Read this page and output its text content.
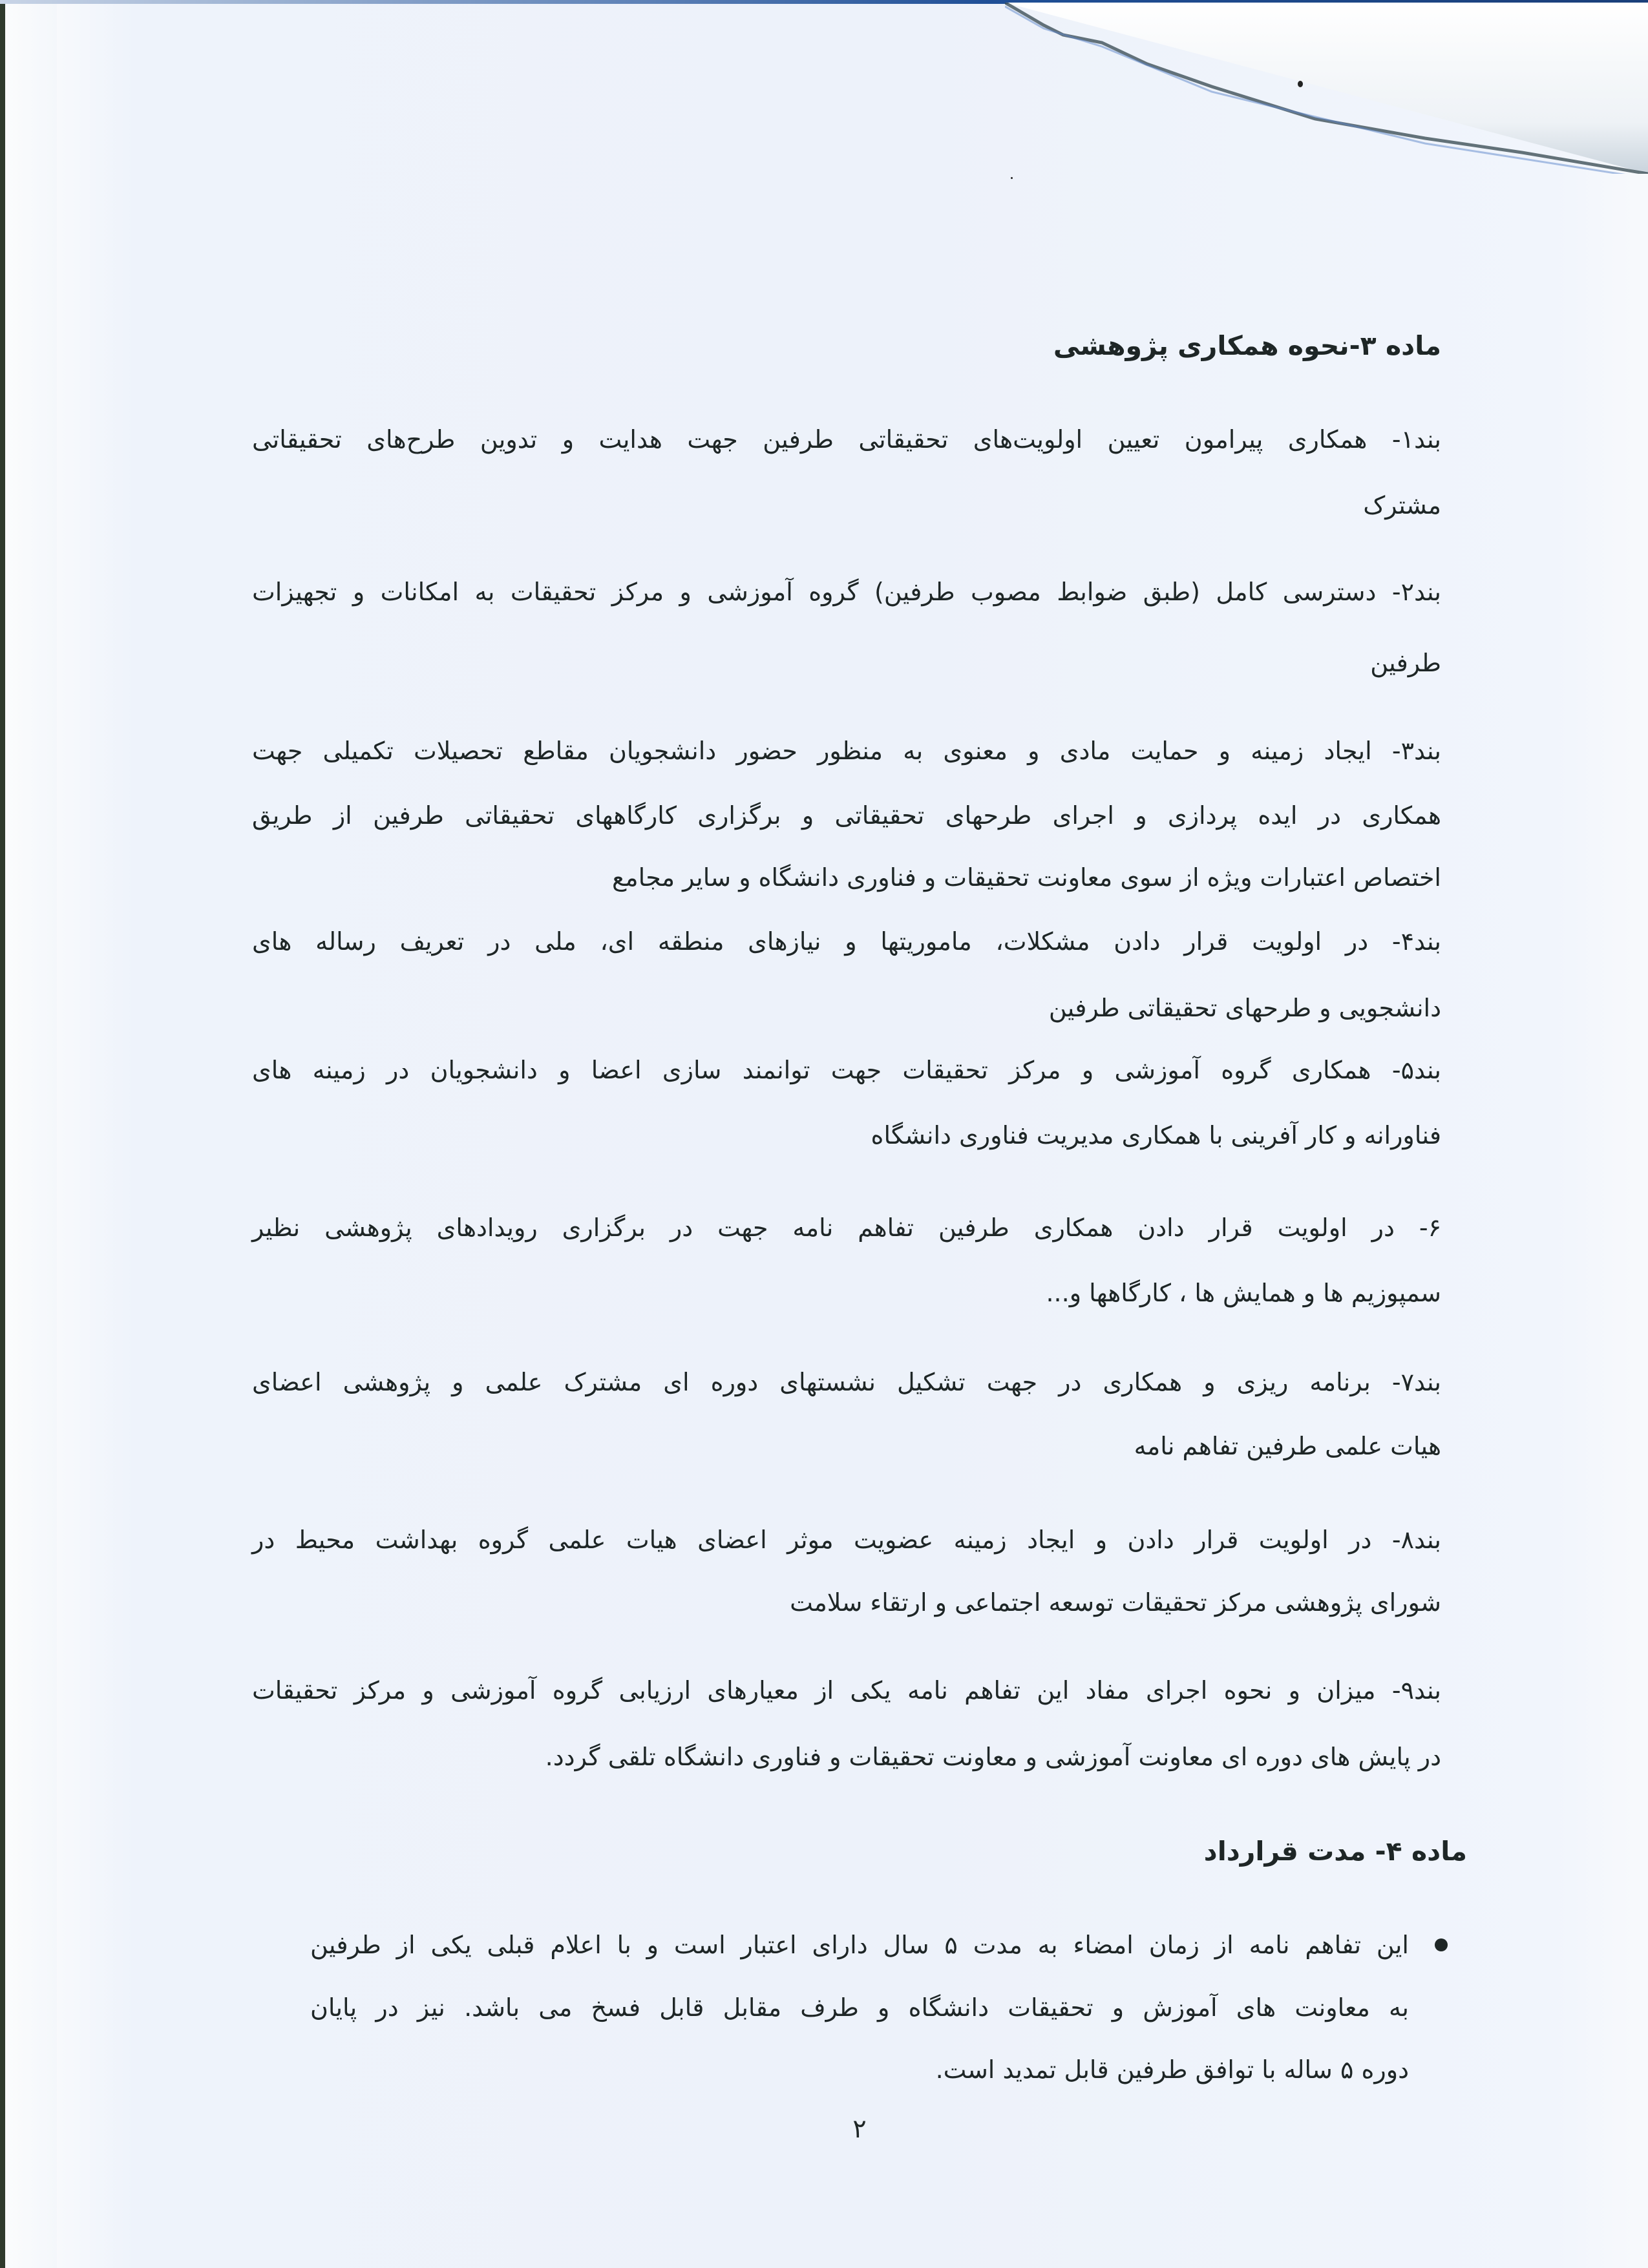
ماده ۳-نحوه همکاری پژوهشی
بند۱- همکاری پیرامون تعیین اولویت‌های تحقیقاتی طرفین جهت هدایت و تدوین طرح‌های تحقیقاتی
مشترک
بند۲- دسترسی کامل (طبق ضوابط مصوب طرفین) گروه آموزشی و مرکز تحقیقات به امکانات و تجهیزات
طرفین
بند۳- ایجاد زمینه و حمایت مادی و معنوی به منظور حضور دانشجویان مقاطع تحصیلات تکمیلی جهت
همکاری در ایده پردازی و اجرای طرحهای تحقیقاتی و برگزاری کارگاههای تحقیقاتی طرفین از طریق
اختصاص اعتبارات ویژه از سوی معاونت تحقیقات و فناوری دانشگاه و سایر مجامع
بند۴- در اولویت قرار دادن مشکلات، ماموریتها و نیازهای منطقه ای، ملی در تعریف رساله های
دانشجویی و طرحهای تحقیقاتی طرفین
بند۵- همکاری گروه آموزشی و مرکز تحقیقات جهت توانمند سازی اعضا و دانشجویان در زمینه های
فناورانه و کار آفرینی با همکاری مدیریت فناوری دانشگاه
۶- در اولویت قرار دادن همکاری طرفین تفاهم نامه جهت در برگزاری رویدادهای پژوهشی نظیر
سمپوزیم ها و همایش ها ، کارگاهها و...
بند۷- برنامه ریزی و همکاری در جهت تشکیل نشستهای دوره ای مشترک علمی و پژوهشی اعضای
هیات علمی طرفین تفاهم نامه
بند۸- در اولویت قرار دادن و ایجاد زمینه عضویت موثر اعضای هیات علمی گروه بهداشت محیط در
شورای پژوهشی مرکز تحقیقات توسعه اجتماعی و ارتقاء سلامت
بند۹- میزان و نحوه اجرای مفاد این تفاهم نامه یکی از معیارهای ارزیابی گروه آموزشی و مرکز تحقیقات
در پایش های دوره ای معاونت آموزشی و معاونت تحقیقات و فناوری دانشگاه تلقی گردد.
ماده ۴- مدت قرارداد
این تفاهم نامه از زمان امضاء به مدت ۵ سال دارای اعتبار است و با اعلام قبلی یکی از طرفین
به معاونت های آموزش و تحقیقات دانشگاه و طرف مقابل قابل فسخ می باشد. نیز در پایان
دوره ۵ ساله با توافق طرفین قابل تمدید است.
۲
